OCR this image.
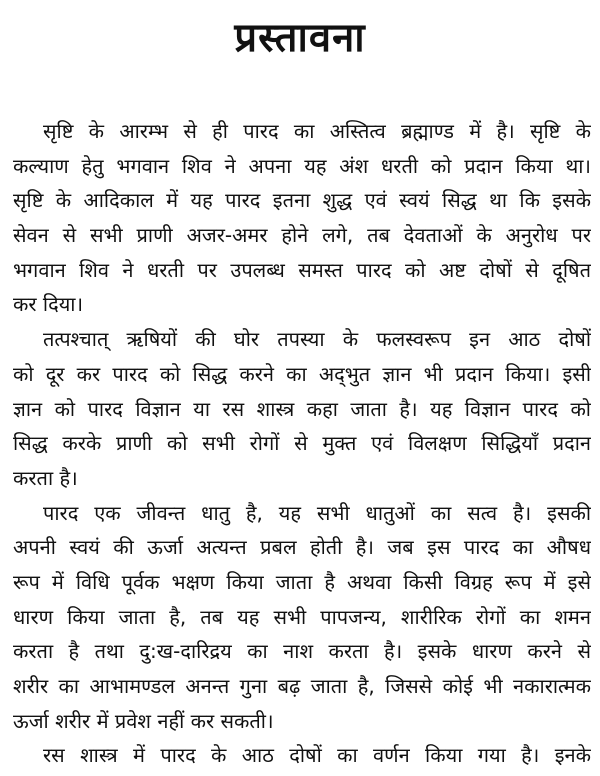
प्रस्तावना
सृष्टि के आरम्भ से ही पारद का अस्तित्व ब्रह्माण्ड में है। सृष्टि के
कल्याण हेतु भगवान शिव ने अपना यह अंश धरती को प्रदान किया था।
सृष्टि के आदिकाल में यह पारद इतना शुद्ध एवं स्वयं सिद्ध था कि इसके
सेवन से सभी प्राणी अजर-अमर होने लगे, तब देवताओं के अनुरोध पर
भगवान शिव ने धरती पर उपलब्ध समस्त पारद को अष्ट दोषों से दूषित
कर दिया।
तत्पश्चात् ऋषियों की घोर तपस्या के फलस्वरूप इन आठ दोषों
को दूर कर पारद को सिद्ध करने का अद्‌भुत ज्ञान भी प्रदान किया। इसी
ज्ञान को पारद विज्ञान या रस शास्त्र कहा जाता है। यह विज्ञान पारद को
सिद्ध करके प्राणी को सभी रोगों से मुक्त एवं विलक्षण सिद्धियाँ प्रदान
करता है।
पारद एक जीवन्त धातु है, यह सभी धातुओं का सत्व है। इसकी
अपनी स्वयं की ऊर्जा अत्यन्त प्रबल होती है। जब इस पारद का औषध
रूप में विधि पूर्वक भक्षण किया जाता है अथवा किसी विग्रह रूप में इसे
धारण किया जाता है, तब यह सभी पापजन्य, शारीरिक रोगों का शमन
करता है तथा दु:ख-दारिद्रय का नाश करता है। इसके धारण करने से
शरीर का आभामण्डल अनन्त गुना बढ़ जाता है, जिससे कोई भी नकारात्मक
ऊर्जा शरीर में प्रवेश नहीं कर सकती।
रस शास्त्र में पारद के आठ दोषों का वर्णन किया गया है। इनके
